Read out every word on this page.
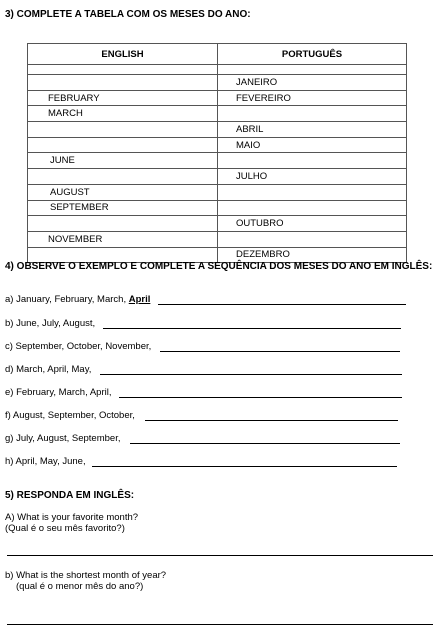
3) COMPLETE A TABELA COM OS MESES DO ANO:
ENGLISH	PORTUGUÊS

	JANEIRO
FEBRUARY	FEVEREIRO
MARCH	
	ABRIL
	MAIO
JUNE	
	JULHO
AUGUST	
SEPTEMBER	
	OUTUBRO
NOVEMBER	
	DEZEMBRO
4) OBSERVE O EXEMPLO E COMPLETE A SEQUÊNCIA DOS MESES DO ANO EM INGLÊS:
a) January, February, March, April
b) June, July, August,
c) September, October, November,
d) March, April, May,
e) February, March, April,
f) August, September, October,
g) July, August, September,
h) April, May, June,
5) RESPONDA EM INGLÊS:
A) What is your favorite month?
(Qual é o seu mês favorito?)
b) What is the shortest month of year?
(qual é o menor mês do ano?)
